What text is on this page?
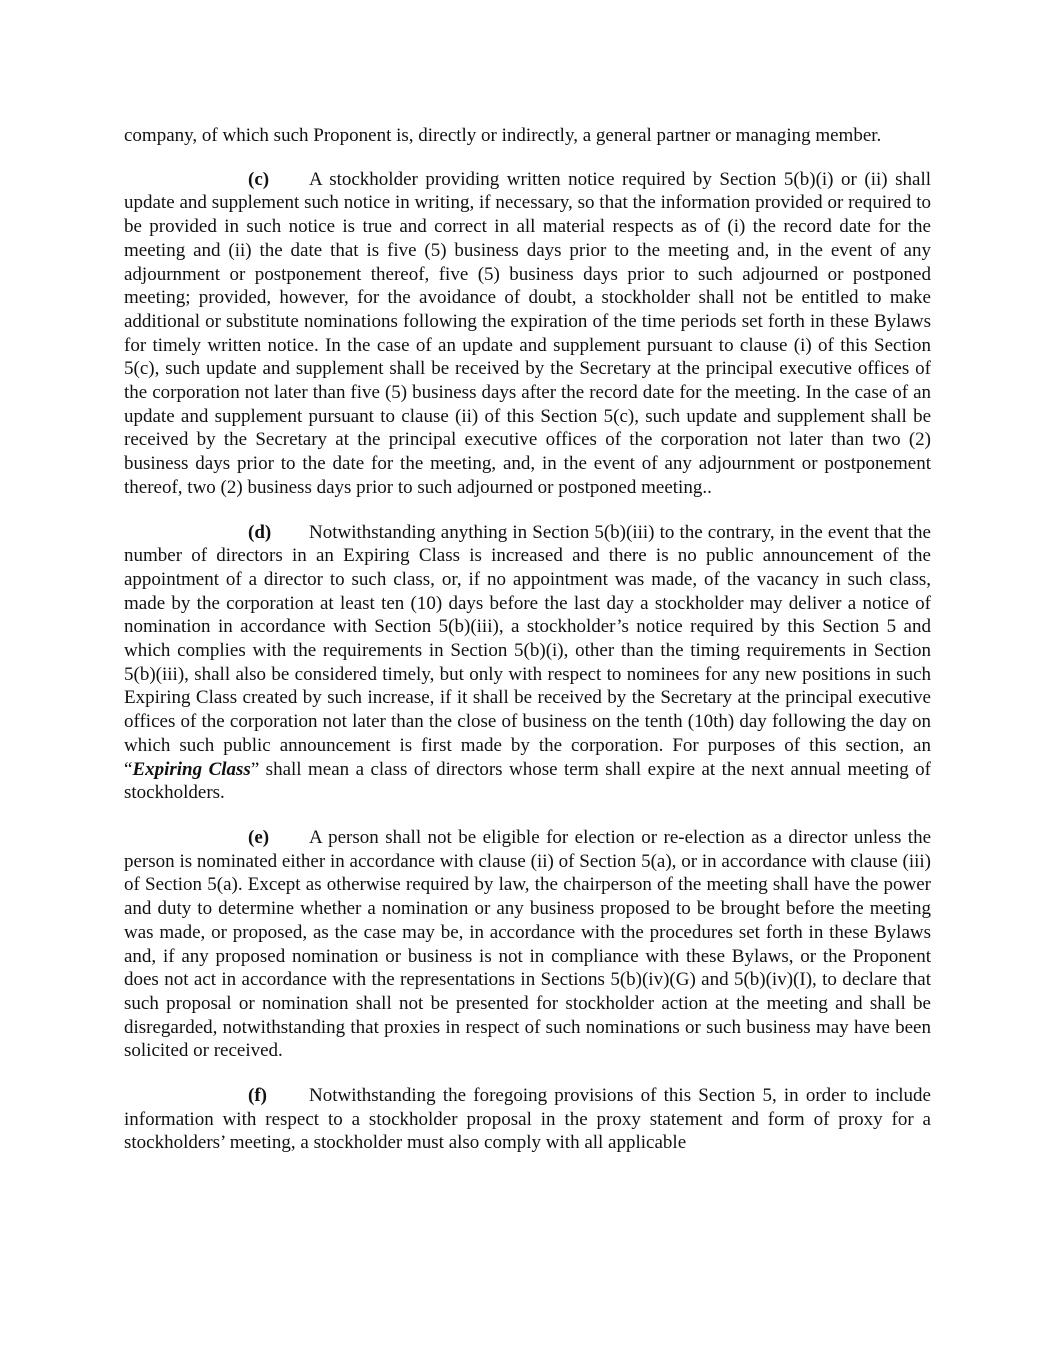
company, of which such Proponent is, directly or indirectly, a general partner or managing member.

(c) A stockholder providing written notice required by Section 5(b)(i) or (ii) shall update and supplement such notice in writing, if necessary, so that the information provided or required to be provided in such notice is true and correct in all material respects as of (i) the record date for the meeting and (ii) the date that is five (5) business days prior to the meeting and, in the event of any adjournment or postponement thereof, five (5) business days prior to such adjourned or postponed meeting; provided, however, for the avoidance of doubt, a stockholder shall not be entitled to make additional or substitute nominations following the expiration of the time periods set forth in these Bylaws for timely written notice. In the case of an update and supplement pursuant to clause (i) of this Section 5(c), such update and supplement shall be received by the Secretary at the principal executive offices of the corporation not later than five (5) business days after the record date for the meeting. In the case of an update and supplement pursuant to clause (ii) of this Section 5(c), such update and supplement shall be received by the Secretary at the principal executive offices of the corporation not later than two (2) business days prior to the date for the meeting, and, in the event of any adjournment or postponement thereof, two (2) business days prior to such adjourned or postponed meeting..

(d) Notwithstanding anything in Section 5(b)(iii) to the contrary, in the event that the number of directors in an Expiring Class is increased and there is no public announcement of the appointment of a director to such class, or, if no appointment was made, of the vacancy in such class, made by the corporation at least ten (10) days before the last day a stockholder may deliver a notice of nomination in accordance with Section 5(b)(iii), a stockholder’s notice required by this Section 5 and which complies with the requirements in Section 5(b)(i), other than the timing requirements in Section 5(b)(iii), shall also be considered timely, but only with respect to nominees for any new positions in such Expiring Class created by such increase, if it shall be received by the Secretary at the principal executive offices of the corporation not later than the close of business on the tenth (10th) day following the day on which such public announcement is first made by the corporation. For purposes of this section, an “Expiring Class” shall mean a class of directors whose term shall expire at the next annual meeting of stockholders.

(e) A person shall not be eligible for election or re-election as a director unless the person is nominated either in accordance with clause (ii) of Section 5(a), or in accordance with clause (iii) of Section 5(a). Except as otherwise required by law, the chairperson of the meeting shall have the power and duty to determine whether a nomination or any business proposed to be brought before the meeting was made, or proposed, as the case may be, in accordance with the procedures set forth in these Bylaws and, if any proposed nomination or business is not in compliance with these Bylaws, or the Proponent does not act in accordance with the representations in Sections 5(b)(iv)(G) and 5(b)(iv)(I), to declare that such proposal or nomination shall not be presented for stockholder action at the meeting and shall be disregarded, notwithstanding that proxies in respect of such nominations or such business may have been solicited or received.

(f) Notwithstanding the foregoing provisions of this Section 5, in order to include information with respect to a stockholder proposal in the proxy statement and form of proxy for a stockholders’ meeting, a stockholder must also comply with all applicable
